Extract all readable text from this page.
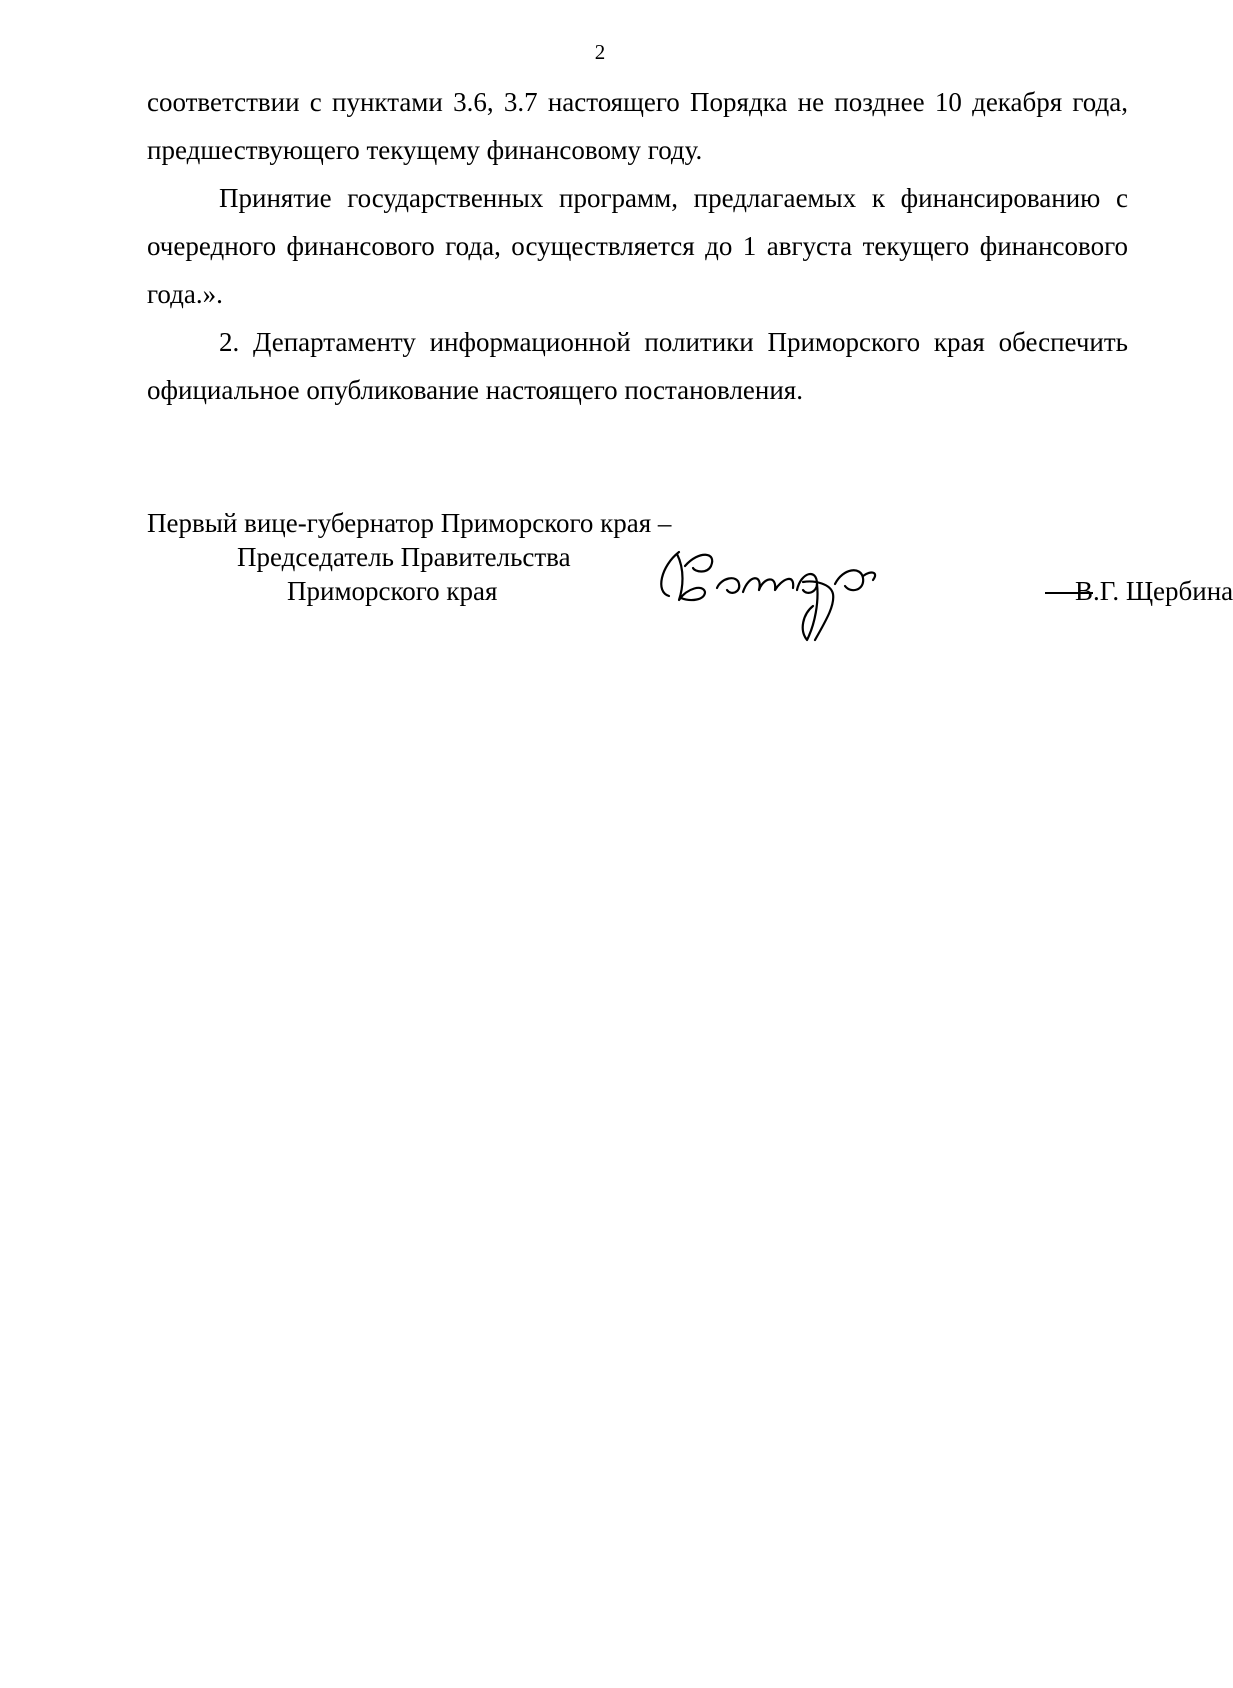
2

соответствии с пунктами 3.6, 3.7 настоящего Порядка не позднее 10 декабря года, предшествующего текущему финансовому году.

Принятие государственных программ, предлагаемых к финансированию с очередного финансового года, осуществляется до 1 августа текущего финансового года.».

2. Департаменту информационной политики Приморского края обеспечить официальное опубликование настоящего постановления.

Первый вице-губернатор Приморского края –
Председатель Правительства
Приморского края	В.Г. Щербина
